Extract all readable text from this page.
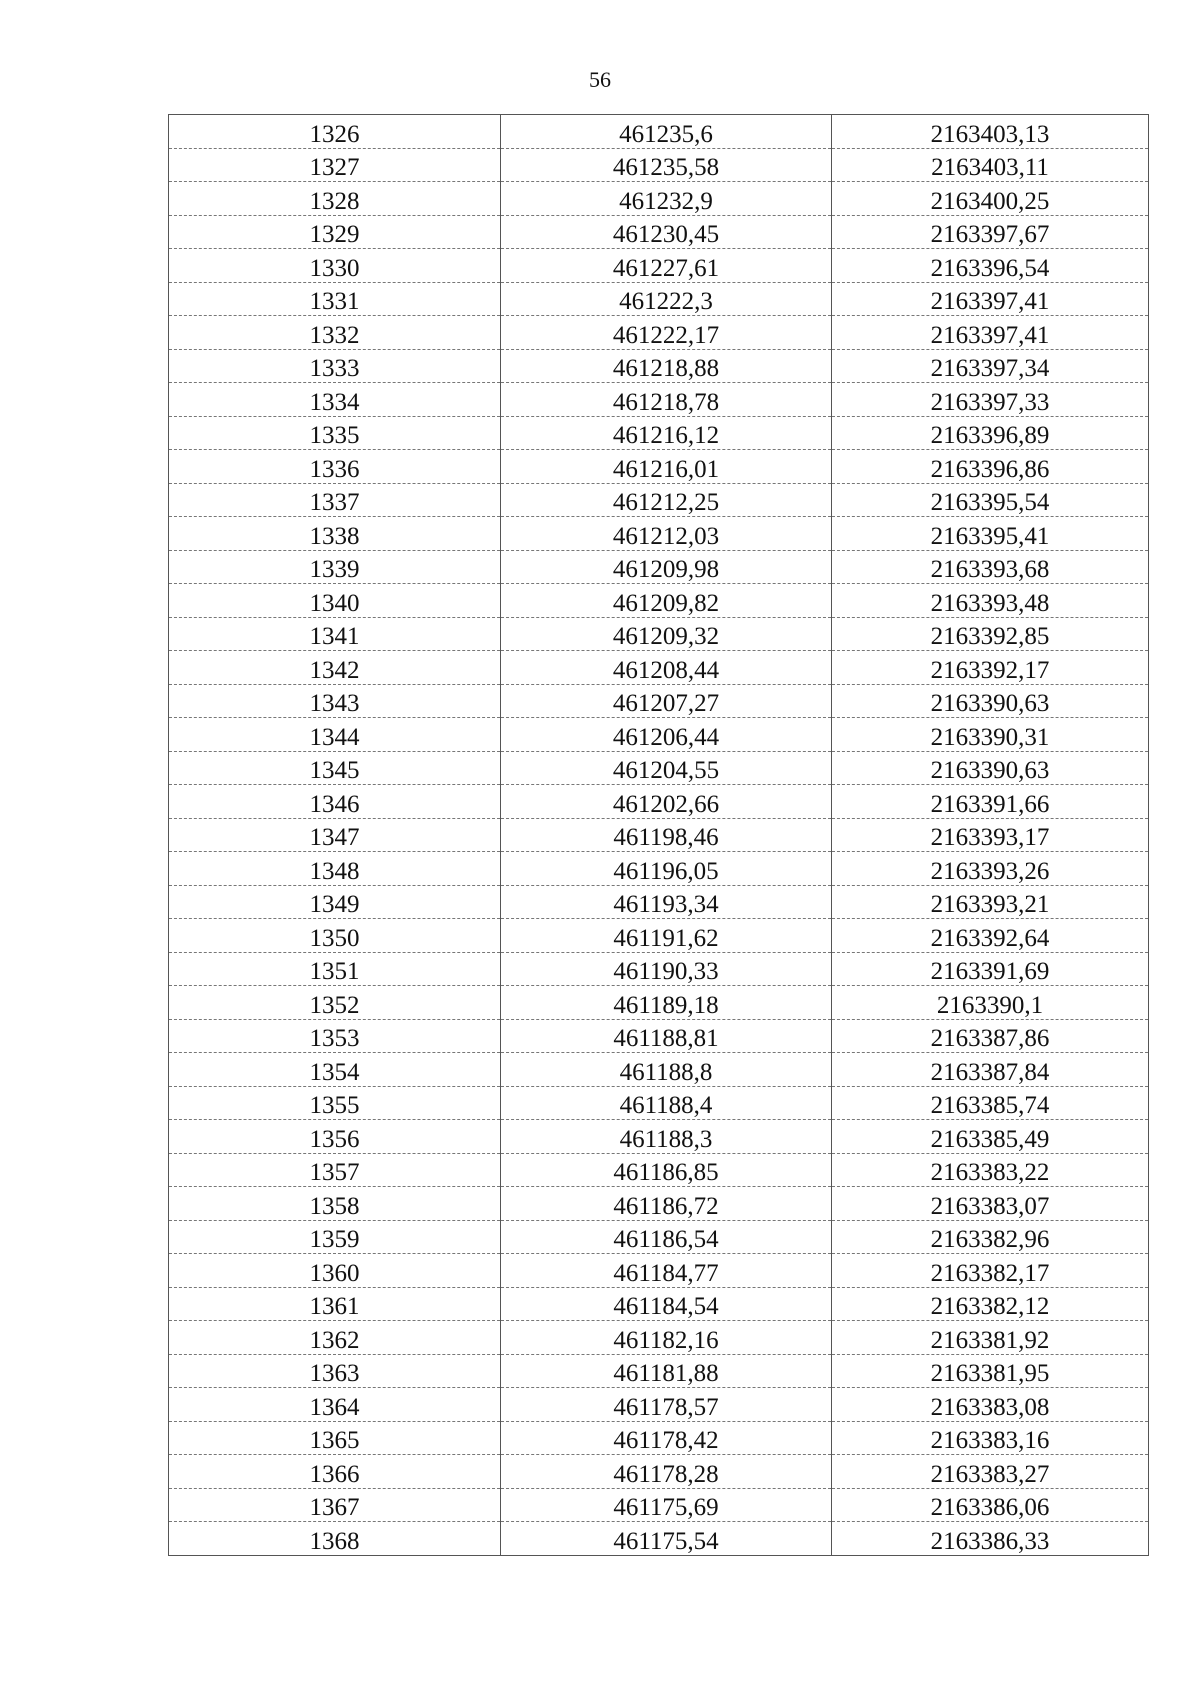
56
1326	461235,6	2163403,13
1327	461235,58	2163403,11
1328	461232,9	2163400,25
1329	461230,45	2163397,67
1330	461227,61	2163396,54
1331	461222,3	2163397,41
1332	461222,17	2163397,41
1333	461218,88	2163397,34
1334	461218,78	2163397,33
1335	461216,12	2163396,89
1336	461216,01	2163396,86
1337	461212,25	2163395,54
1338	461212,03	2163395,41
1339	461209,98	2163393,68
1340	461209,82	2163393,48
1341	461209,32	2163392,85
1342	461208,44	2163392,17
1343	461207,27	2163390,63
1344	461206,44	2163390,31
1345	461204,55	2163390,63
1346	461202,66	2163391,66
1347	461198,46	2163393,17
1348	461196,05	2163393,26
1349	461193,34	2163393,21
1350	461191,62	2163392,64
1351	461190,33	2163391,69
1352	461189,18	2163390,1
1353	461188,81	2163387,86
1354	461188,8	2163387,84
1355	461188,4	2163385,74
1356	461188,3	2163385,49
1357	461186,85	2163383,22
1358	461186,72	2163383,07
1359	461186,54	2163382,96
1360	461184,77	2163382,17
1361	461184,54	2163382,12
1362	461182,16	2163381,92
1363	461181,88	2163381,95
1364	461178,57	2163383,08
1365	461178,42	2163383,16
1366	461178,28	2163383,27
1367	461175,69	2163386,06
1368	461175,54	2163386,33
